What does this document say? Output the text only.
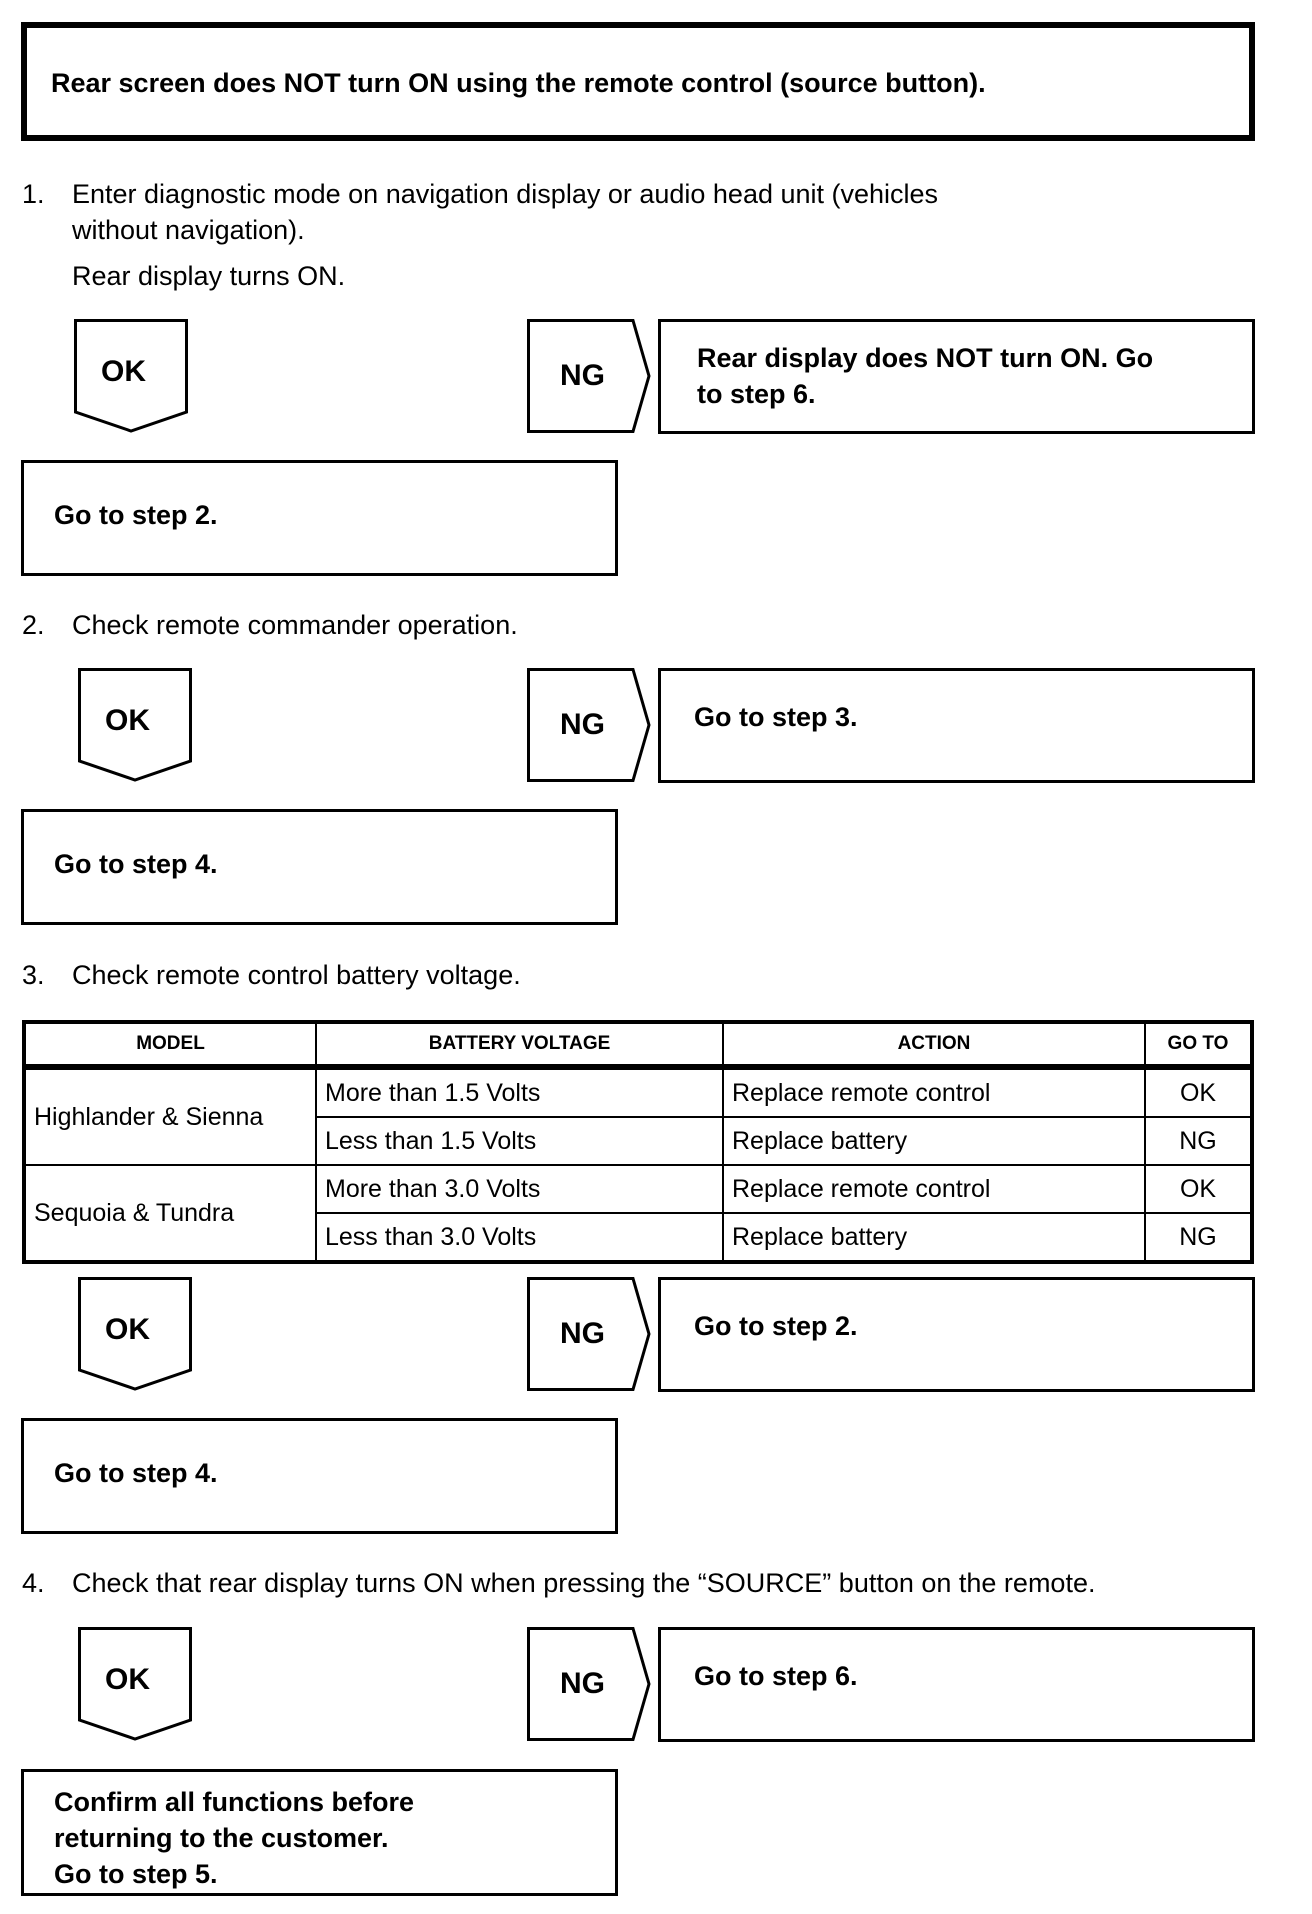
Rear screen does NOT turn ON using the remote control (source button).
1. Enter diagnostic mode on navigation display or audio head unit (vehicles
without navigation).
Rear display turns ON.
OK	NG
Rear display does NOT turn ON. Go
to step 6.
Go to step 2.
2. Check remote commander operation.
OK	NG	Go to step 3.
Go to step 4.
3. Check remote control battery voltage.
MODEL	BATTERY VOLTAGE	ACTION	GO TO
Highlander & Sienna	More than 1.5 Volts	Replace remote control	OK
	Less than 1.5 Volts	Replace battery	NG
Sequoia & Tundra	More than 3.0 Volts	Replace remote control	OK
	Less than 3.0 Volts	Replace battery	NG
OK	NG	Go to step 2.
Go to step 4.
4. Check that rear display turns ON when pressing the “SOURCE” button on the remote.
OK	NG	Go to step 6.
Confirm all functions before
returning to the customer.
Go to step 5.
